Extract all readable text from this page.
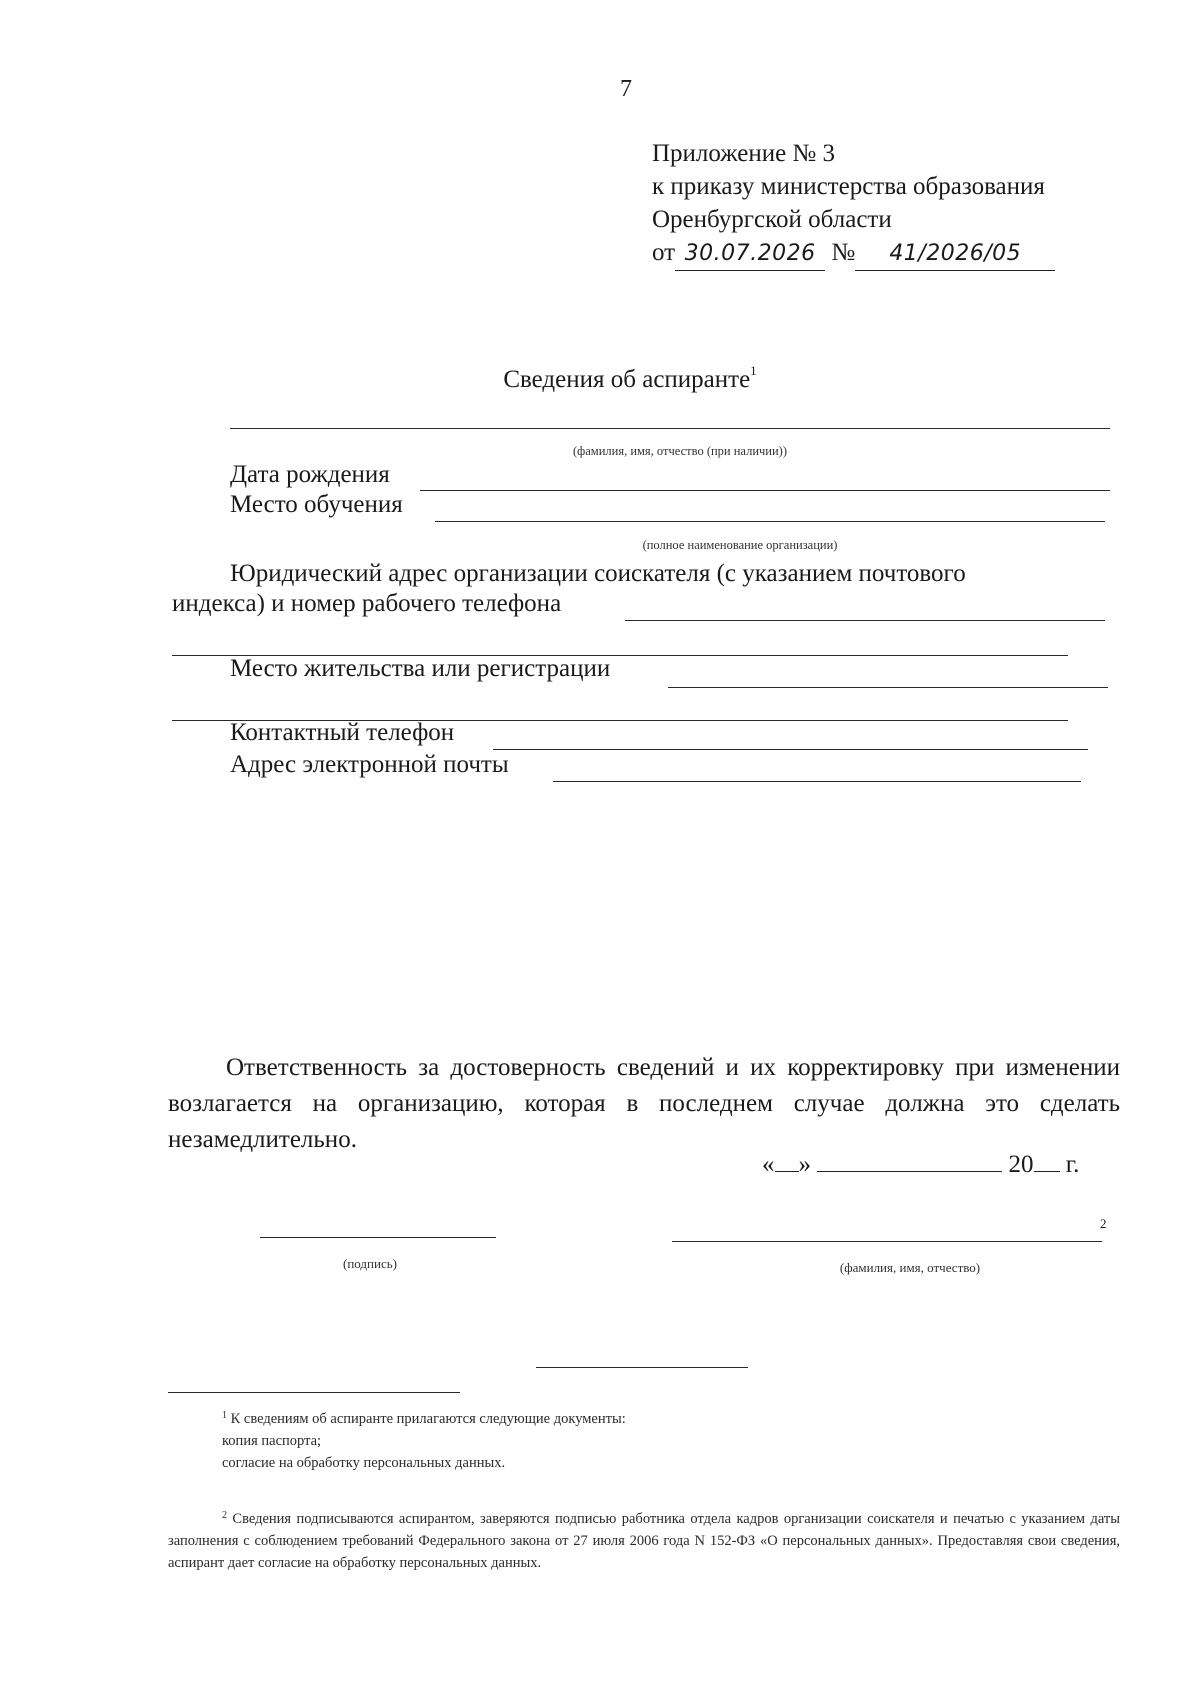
7
Приложение № 3
к приказу министерства образования
Оренбургской области
от 30.07.2026 № 41/2026/05
Сведения об аспиранте$^1$
(фамилия, имя, отчество (при наличии))
Дата рождения
Место обучения
(полное наименование организации)
Юридический адрес организации соискателя (с указанием почтового
индекса) и номер рабочего телефона
Место жительства или регистрации
Контактный телефон
Адрес электронной почты
Ответственность за достоверность сведений и их корректировку при изменении возлагается на организацию, которая в последнем случае должна это сделать незамедлительно.
« »	20 г.
(подпись)
2
(фамилия, имя, отчество)
$^1$ К сведениям об аспиранте прилагаются следующие документы:
копия паспорта;
согласие на обработку персональных данных.
$^2$ Сведения подписываются аспирантом, заверяются подписью работника отдела кадров организации соискателя и печатью с указанием даты заполнения с соблюдением требований Федерального закона от 27 июля 2006 года N 152-ФЗ «О персональных данных». Предоставляя свои сведения, аспирант дает согласие на обработку персональных данных.
